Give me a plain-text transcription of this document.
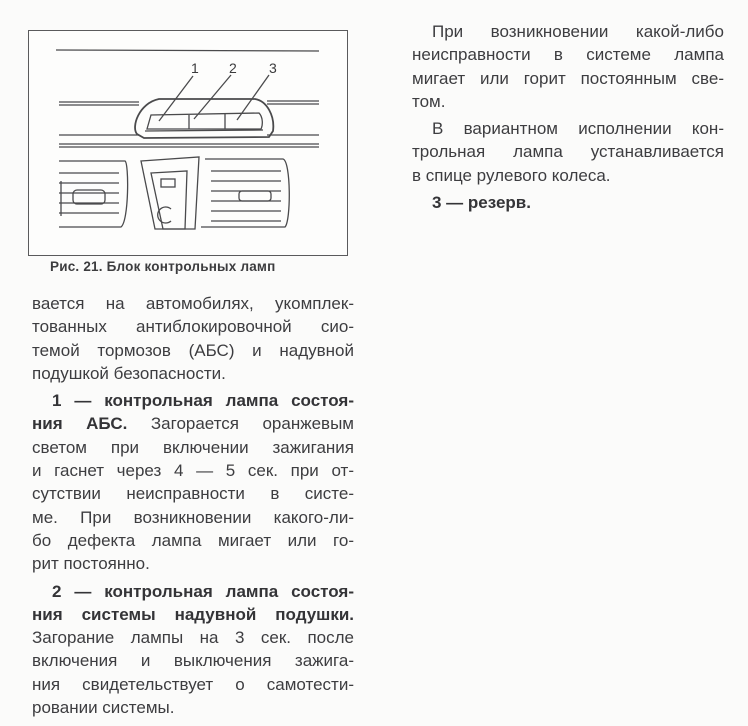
1 2 3
Рис. 21. Блок контрольных ламп
вается на автомобилях, укомплек-
тованных антиблокировочной сио-
темой тормозов (АБС) и надувной
подушкой безопасности.
1 — контрольная лампа состоя-
ния АБС. Загорается оранжевым
светом при включении зажигания
и гаснет через 4 — 5 сек. при от-
сутствии неисправности в систе-
ме. При возникновении какого-ли-
бо дефекта лампа мигает или го-
рит постоянно.
2 — контрольная лампа состоя-
ния системы надувной подушки.
Загорание лампы на 3 сек. после
включения и выключения зажига-
ния свидетельствует о самотести-
ровании системы.
При возникновении какой-либо
неисправности в системе лампа
мигает или горит постоянным све-
том.
В вариантном исполнении кон-
трольная лампа устанавливается
в спице рулевого колеса.
3 — резерв.
